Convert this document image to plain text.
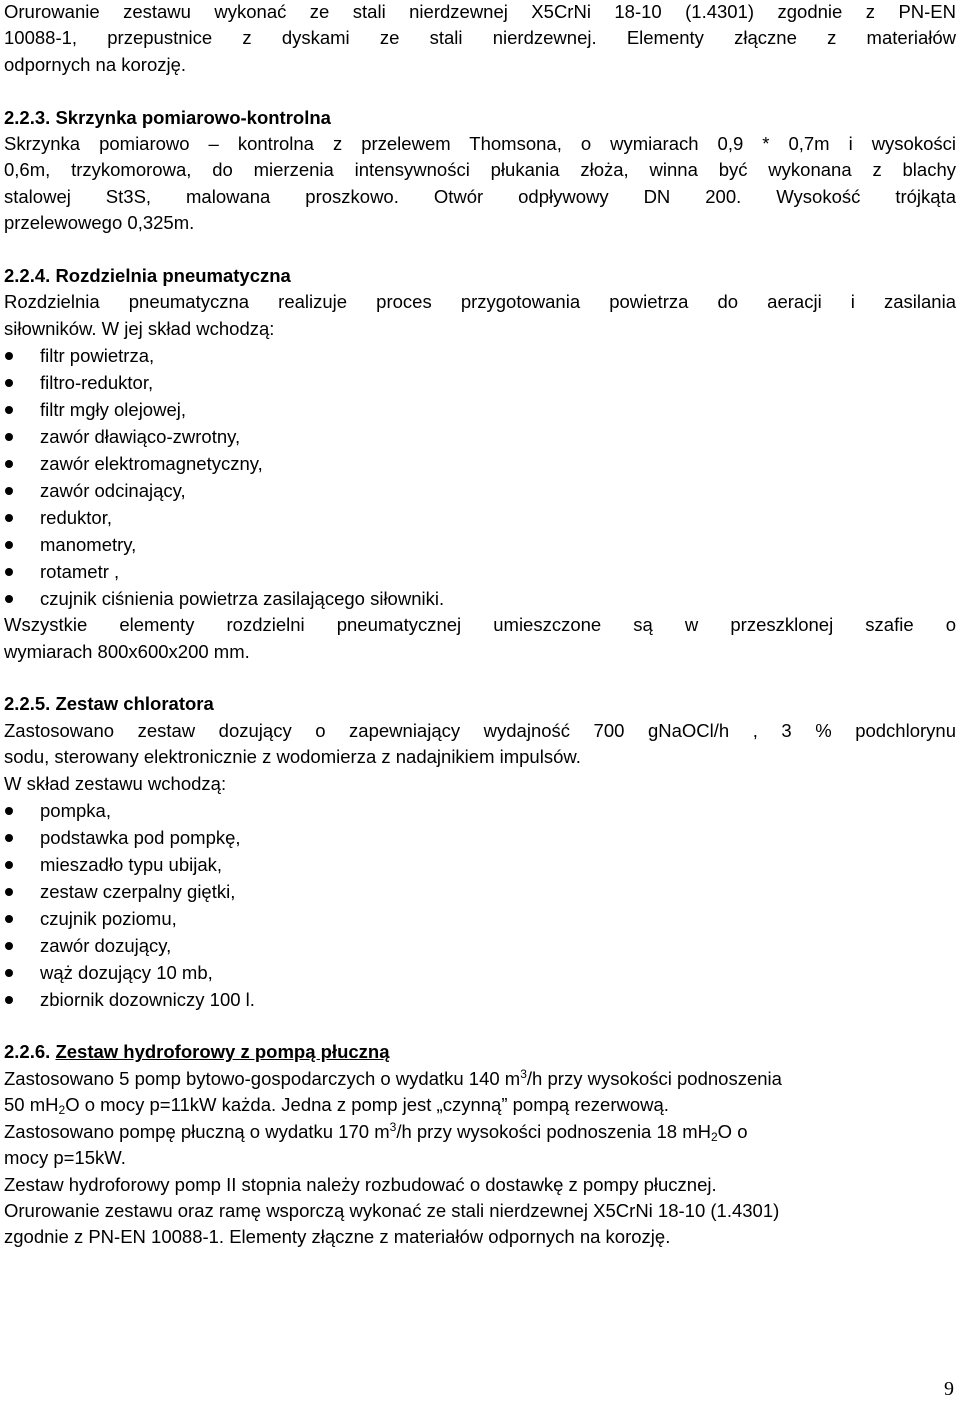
Orurowanie zestawu wykonać ze stali nierdzewnej X5CrNi 18-10 (1.4301) zgodnie z PN-EN

10088-1, przepustnice z dyskami ze stali nierdzewnej. Elementy złączne z materiałów

odpornych na korozję.

2.2.3. Skrzynka pomiarowo-kontrolna

Skrzynka pomiarowo – kontrolna z przelewem Thomsona, o wymiarach 0,9 * 0,7m i wysokości

0,6m, trzykomorowa, do mierzenia intensywności płukania złoża, winna być wykonana z blachy

stalowej St3S, malowana proszkowo. Otwór odpływowy DN 200. Wysokość trójkąta

przelewowego 0,325m.

2.2.4. Rozdzielnia pneumatyczna

Rozdzielnia pneumatyczna realizuje proces przygotowania powietrza do aeracji i zasilania

siłowników. W jej skład wchodzą:

filtr powietrza,
filtro-reduktor,
filtr mgły olejowej,
zawór dławiąco-zwrotny,
zawór elektromagnetyczny,
zawór odcinający,
reduktor,
manometry,
rotametr ,
czujnik ciśnienia powietrza zasilającego siłowniki.

Wszystkie elementy rozdzielni pneumatycznej umieszczone są w przeszklonej szafie o

wymiarach 800x600x200 mm.

2.2.5. Zestaw chloratora

Zastosowano zestaw dozujący o zapewniający wydajność 700 gNaOCl/h , 3 % podchlorynu

sodu, sterowany elektronicznie z wodomierza z nadajnikiem impulsów.

W skład zestawu wchodzą:

pompka,
podstawka pod pompkę,
mieszadło typu ubijak,
zestaw czerpalny giętki,
czujnik poziomu,
zawór dozujący,
wąż dozujący 10 mb,
zbiornik dozowniczy 100 l.

2.2.6. Zestaw hydroforowy z pompą płuczną

Zastosowano 5 pomp bytowo-gospodarczych o wydatku 140 $m^3/h$ przy wysokości podnoszenia

50 $mH_2O$ o mocy p=11kW każda. Jedna z pomp jest „czynną” pompą rezerwową.

Zastosowano pompę płuczną o wydatku 170 $m^3/h$ przy wysokości podnoszenia 18 $mH_2O$ o

mocy p=15kW.

Zestaw hydroforowy pomp II stopnia należy rozbudować o dostawkę z pompy płucznej.

Orurowanie zestawu oraz ramę wsporczą wykonać ze stali nierdzewnej X5CrNi 18-10 (1.4301)

zgodnie z PN-EN 10088-1. Elementy złączne z materiałów odpornych na korozję.

9
